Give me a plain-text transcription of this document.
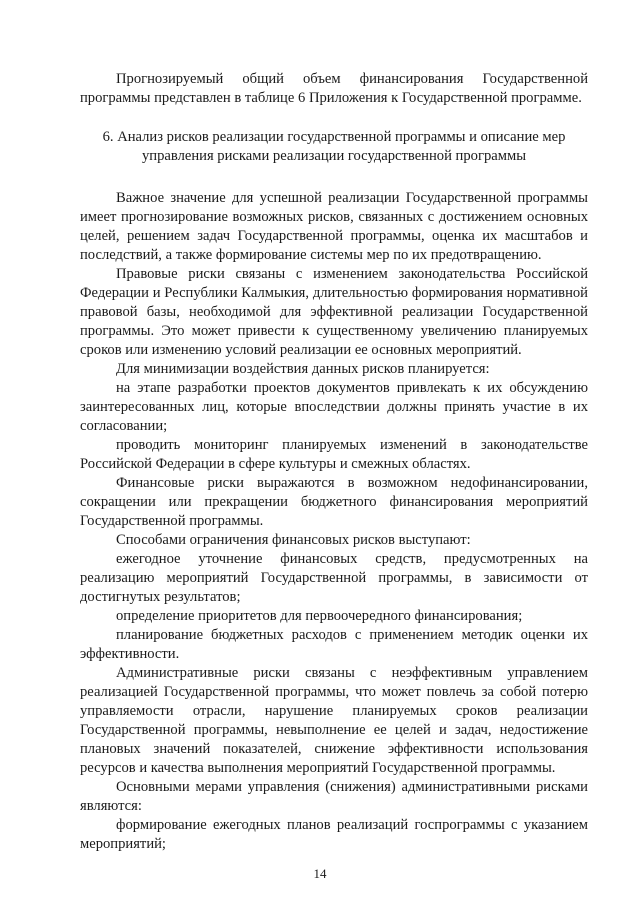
Прогнозируемый общий объем финансирования Государственной программы представлен в таблице 6 Приложения к Государственной программе.

6. Анализ рисков реализации государственной программы и описание мер управления рисками реализации государственной программы

Важное значение для успешной реализации Государственной программы имеет прогнозирование возможных рисков, связанных с достижением основных целей, решением задач Государственной программы, оценка их масштабов и последствий, а также формирование системы мер по их предотвращению.

Правовые риски связаны с изменением законодательства Российской Федерации и Республики Калмыкия, длительностью формирования нормативной правовой базы, необходимой для эффективной реализации Государственной программы. Это может привести к существенному увеличению планируемых сроков или изменению условий реализации ее основных мероприятий.

Для минимизации воздействия данных рисков планируется:

на этапе разработки проектов документов привлекать к их обсуждению заинтересованных лиц, которые впоследствии должны принять участие в их согласовании;

проводить мониторинг планируемых изменений в законодательстве Российской Федерации в сфере культуры и смежных областях.

Финансовые риски выражаются в возможном недофинансировании, сокращении или прекращении бюджетного финансирования мероприятий Государственной программы.

Способами ограничения финансовых рисков выступают:

ежегодное уточнение финансовых средств, предусмотренных на реализацию мероприятий Государственной программы, в зависимости от достигнутых результатов;

определение приоритетов для первоочередного финансирования;

планирование бюджетных расходов с применением методик оценки их эффективности.

Административные риски связаны с неэффективным управлением реализацией Государственной программы, что может повлечь за собой потерю управляемости отрасли, нарушение планируемых сроков реализации Государственной программы, невыполнение ее целей и задач, недостижение плановых значений показателей, снижение эффективности использования ресурсов и качества выполнения мероприятий Государственной программы.

Основными мерами управления (снижения) административными рисками являются:

формирование ежегодных планов реализаций госпрограммы с указанием мероприятий;

14
